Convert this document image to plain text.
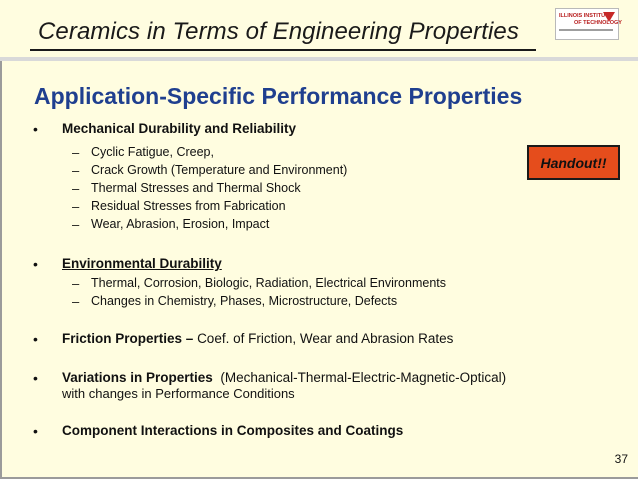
Ceramics in Terms of Engineering Properties
ILLINOIS INSTITUTE
OF TECHNOLOGY
Application-Specific Performance Properties
• Mechanical Durability and Reliability
– Cyclic Fatigue, Creep,
– Crack Growth (Temperature and Environment)
– Thermal Stresses and Thermal Shock
– Residual Stresses from Fabrication
– Wear, Abrasion, Erosion, Impact
• Environmental Durability
– Thermal, Corrosion, Biologic, Radiation, Electrical Environments
– Changes in Chemistry, Phases, Microstructure, Defects
• Friction Properties – Coef. of Friction, Wear and Abrasion Rates
• Variations in Properties (Mechanical-Thermal-Electric-Magnetic-Optical)
with changes in Performance Conditions
• Component Interactions in Composites and Coatings
Handout!!
37
